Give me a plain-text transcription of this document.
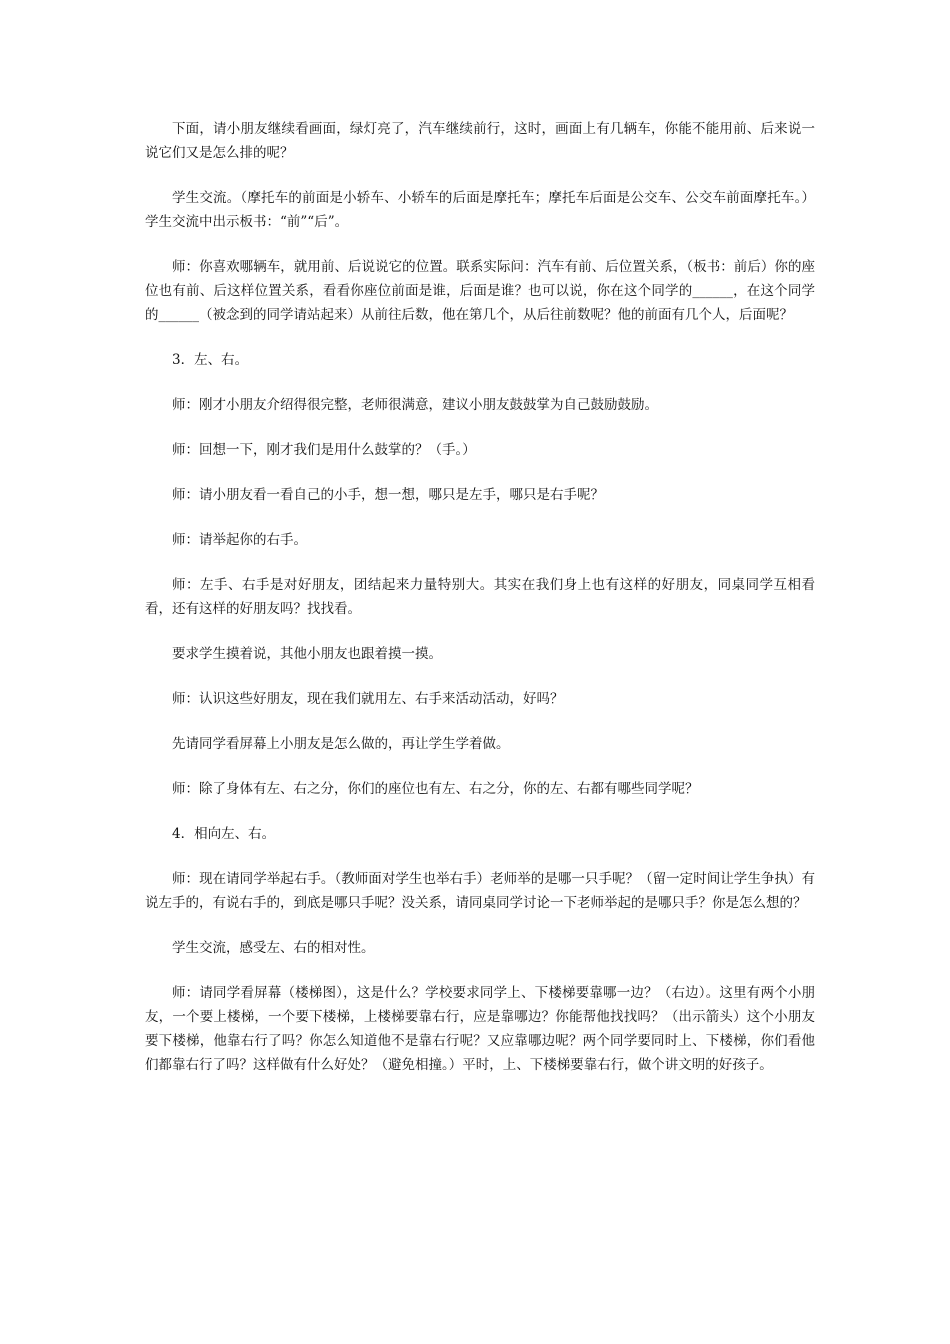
下面，请小朋友继续看画面，绿灯亮了，汽车继续前行，这时，画面上有几辆车，你能不能用前、后来说一说它们又是怎么排的呢？

学生交流。（摩托车的前面是小轿车、小轿车的后面是摩托车；摩托车后面是公交车、公交车前面摩托车。）学生交流中出示板书：“前”“后”。

师：你喜欢哪辆车，就用前、后说说它的位置。联系实际问：汽车有前、后位置关系，（板书：前后）你的座位也有前、后这样位置关系，看看你座位前面是谁，后面是谁？也可以说，你在这个同学的______，在这个同学的______（被念到的同学请站起来）从前往后数，他在第几个，从后往前数呢？他的前面有几个人，后面呢？

3．左、右。

师：刚才小朋友介绍得很完整，老师很满意，建议小朋友鼓鼓掌为自己鼓励鼓励。

师：回想一下，刚才我们是用什么鼓掌的？（手。）

师：请小朋友看一看自己的小手，想一想，哪只是左手，哪只是右手呢？

师：请举起你的右手。

师：左手、右手是对好朋友，团结起来力量特别大。其实在我们身上也有这样的好朋友，同桌同学互相看看，还有这样的好朋友吗？找找看。

要求学生摸着说，其他小朋友也跟着摸一摸。

师：认识这些好朋友，现在我们就用左、右手来活动活动，好吗？

先请同学看屏幕上小朋友是怎么做的，再让学生学着做。

师：除了身体有左、右之分，你们的座位也有左、右之分，你的左、右都有哪些同学呢？

4．相向左、右。

师：现在请同学举起右手。（教师面对学生也举右手）老师举的是哪一只手呢？（留一定时间让学生争执）有说左手的，有说右手的，到底是哪只手呢？没关系，请同桌同学讨论一下老师举起的是哪只手？你是怎么想的？

学生交流，感受左、右的相对性。

师：请同学看屏幕（楼梯图），这是什么？学校要求同学上、下楼梯要靠哪一边？（右边）。这里有两个小朋友，一个要上楼梯，一个要下楼梯，上楼梯要靠右行，应是靠哪边？你能帮他找找吗？（出示箭头）这个小朋友要下楼梯，他靠右行了吗？你怎么知道他不是靠右行呢？又应靠哪边呢？两个同学要同时上、下楼梯，你们看他们都靠右行了吗？这样做有什么好处？（避免相撞。）平时，上、下楼梯要靠右行，做个讲文明的好孩子。
